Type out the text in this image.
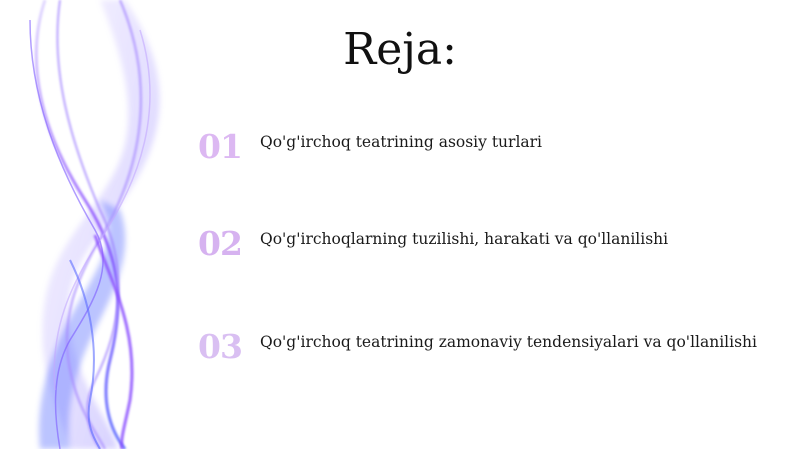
Reja:
01	Qo'g'irchoq teatrining asosiy turlari
02	Qo'g'irchoqlarning tuzilishi, harakati va qo'llanilishi
03	Qo'g'irchoq teatrining zamonaviy tendensiyalari va qo'llanilishi
